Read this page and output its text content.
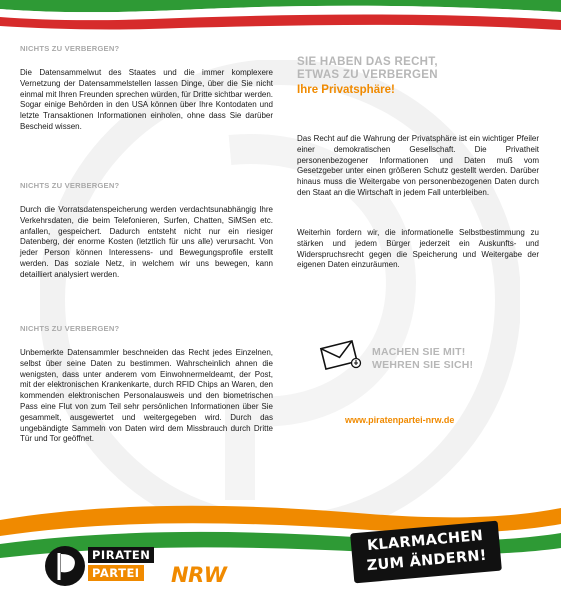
NICHTS ZU VERBERGEN?
Die Datensammelwut des Staates und die immer komplexere Vernetzung der Datensammelstellen lassen Dinge, über die Sie nicht einmal mit Ihren Freunden sprechen würden, für Dritte sichtbar werden. Sogar einige Behörden in den USA können über Ihre Kontodaten und letzte Transaktionen Informationen einholen, ohne dass Sie darüber Bescheid wissen.
NICHTS ZU VERBERGEN?
Durch die Vorratsdatenspeicherung werden verdachtsunabhängig Ihre Verkehrsdaten, die beim Telefonieren, Surfen, Chatten, SiMSen etc. anfallen, gespeichert. Dadurch entsteht nicht nur ein riesiger Datenberg, der enorme Kosten (letztlich für uns alle) verursacht. Von jeder Person können Interessens- und Bewegungsprofile erstellt werden. Das soziale Netz, in welchem wir uns bewegen, kann detailliert analysiert werden.
NICHTS ZU VERBERGEN?
Unbemerkte Datensammler beschneiden das Recht jedes Einzelnen, selbst über seine Daten zu bestimmen. Wahrscheinlich ahnen die wenigsten, dass unter anderem vom Einwohnermeldeamt, der Post, mit der elektronischen Krankenkarte, durch RFID Chips an Waren, den kommenden elektronischen Personalausweis und den biometrischen Pass eine Flut von zum Teil sehr persönlichen Informationen über Sie gesammelt, ausgewertet und weitergegeben wird. Durch das ungebändigte Sammeln von Daten wird dem Missbrauch durch Dritte Tür und Tor geöffnet.
SIE HABEN DAS RECHT,
ETWAS ZU VERBERGEN
Ihre Privatsphäre!
Das Recht auf die Wahrung der Privatsphäre ist ein wichtiger Pfeiler einer demokratischen Gesellschaft. Die Privatheit personenbezogener Informationen und Daten muß vom Gesetzgeber unter einen größeren Schutz gestellt werden. Darüber hinaus muss die Weitergabe von personenbezogenen Daten durch den Staat an die Wirtschaft in jedem Fall unterbleiben.
Weiterhin fordern wir, die informationelle Selbstbestimmung zu stärken und jedem Bürger jederzeit ein Auskunfts- und Widerspruchsrecht gegen die Speicherung und Weitergabe der eigenen Daten einzuräumen.
MACHEN SIE MIT!
WEHREN SIE SICH!
www.piratenpartei-nrw.de
PIRATEN
PARTEI NRW
KLARMACHEN
ZUM ÄNDERN!
